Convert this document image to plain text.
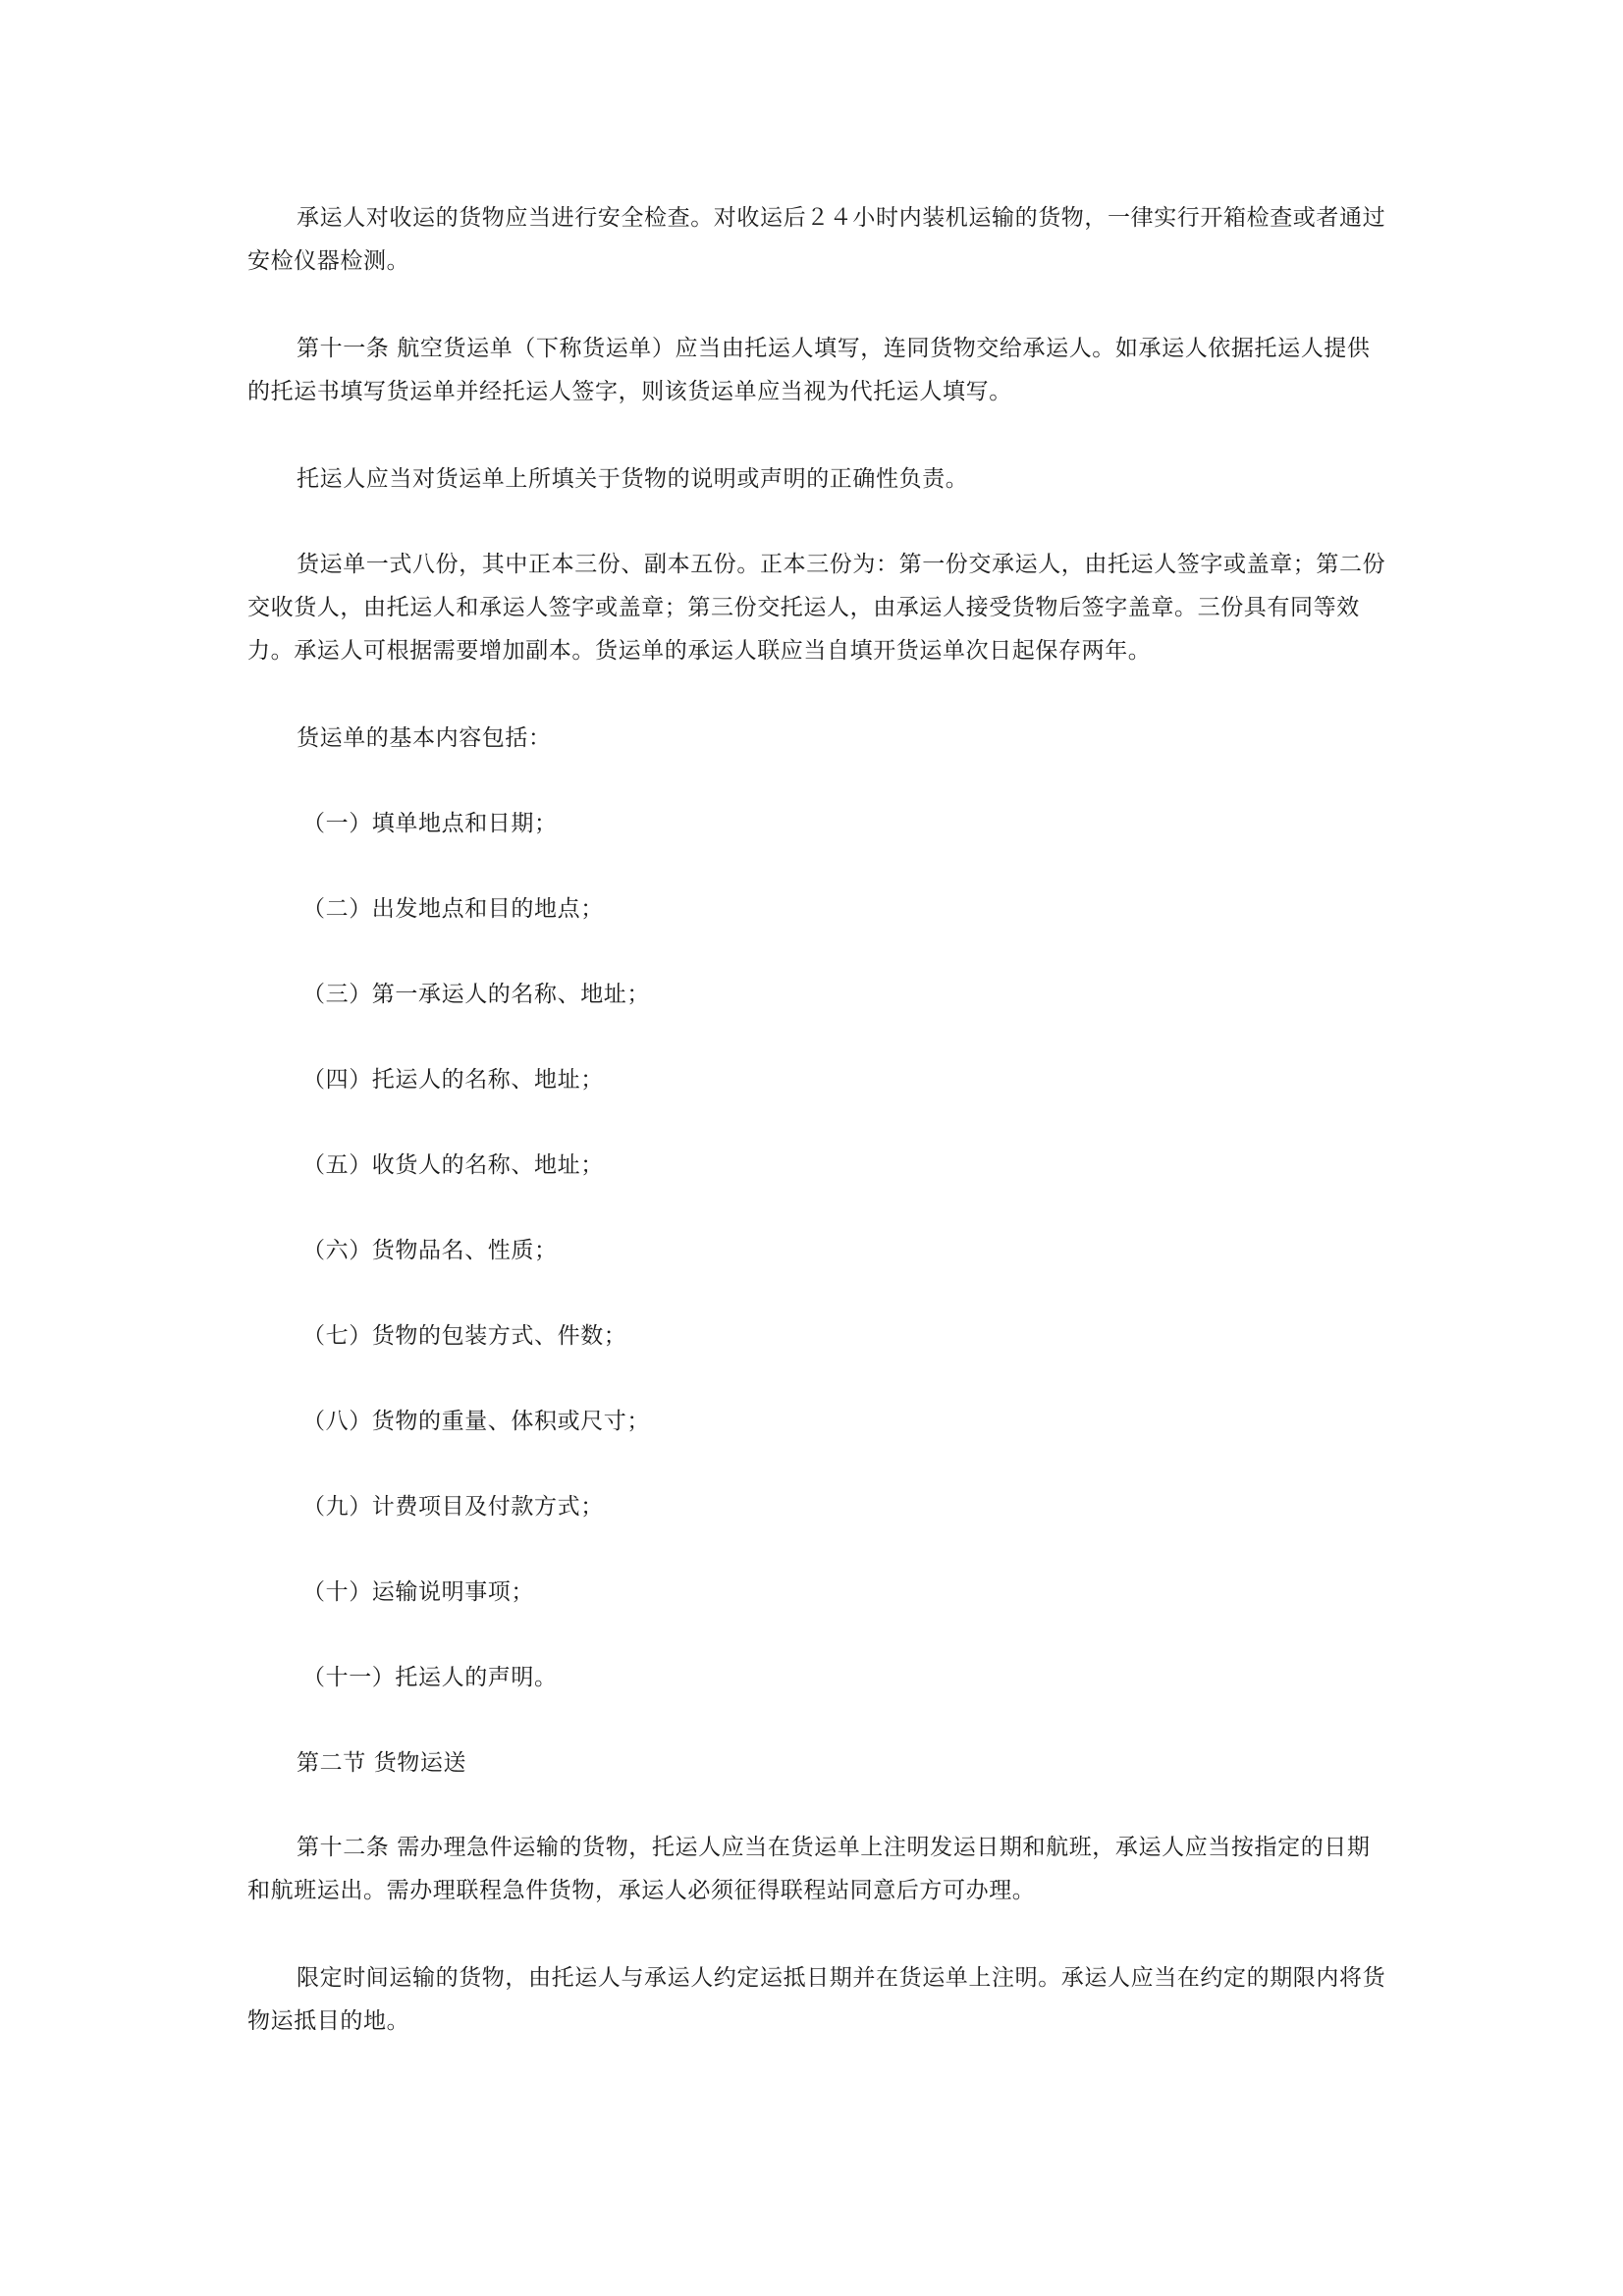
承运人对收运的货物应当进行安全检查。对收运后２４小时内装机运输的货物，一律实行开箱检查或者通过安检仪器检测。

第十一条 航空货运单（下称货运单）应当由托运人填写，连同货物交给承运人。如承运人依据托运人提供的托运书填写货运单并经托运人签字，则该货运单应当视为代托运人填写。

托运人应当对货运单上所填关于货物的说明或声明的正确性负责。

货运单一式八份，其中正本三份、副本五份。正本三份为：第一份交承运人，由托运人签字或盖章；第二份交收货人，由托运人和承运人签字或盖章；第三份交托运人，由承运人接受货物后签字盖章。三份具有同等效力。承运人可根据需要增加副本。货运单的承运人联应当自填开货运单次日起保存两年。

货运单的基本内容包括：

（一）填单地点和日期；

（二）出发地点和目的地点；

（三）第一承运人的名称、地址；

（四）托运人的名称、地址；

（五）收货人的名称、地址；

（六）货物品名、性质；

（七）货物的包装方式、件数；

（八）货物的重量、体积或尺寸；

（九）计费项目及付款方式；

（十）运输说明事项；

（十一）托运人的声明。

第二节 货物运送

第十二条 需办理急件运输的货物，托运人应当在货运单上注明发运日期和航班，承运人应当按指定的日期和航班运出。需办理联程急件货物，承运人必须征得联程站同意后方可办理。

限定时间运输的货物，由托运人与承运人约定运抵日期并在货运单上注明。承运人应当在约定的期限内将货物运抵目的地。
